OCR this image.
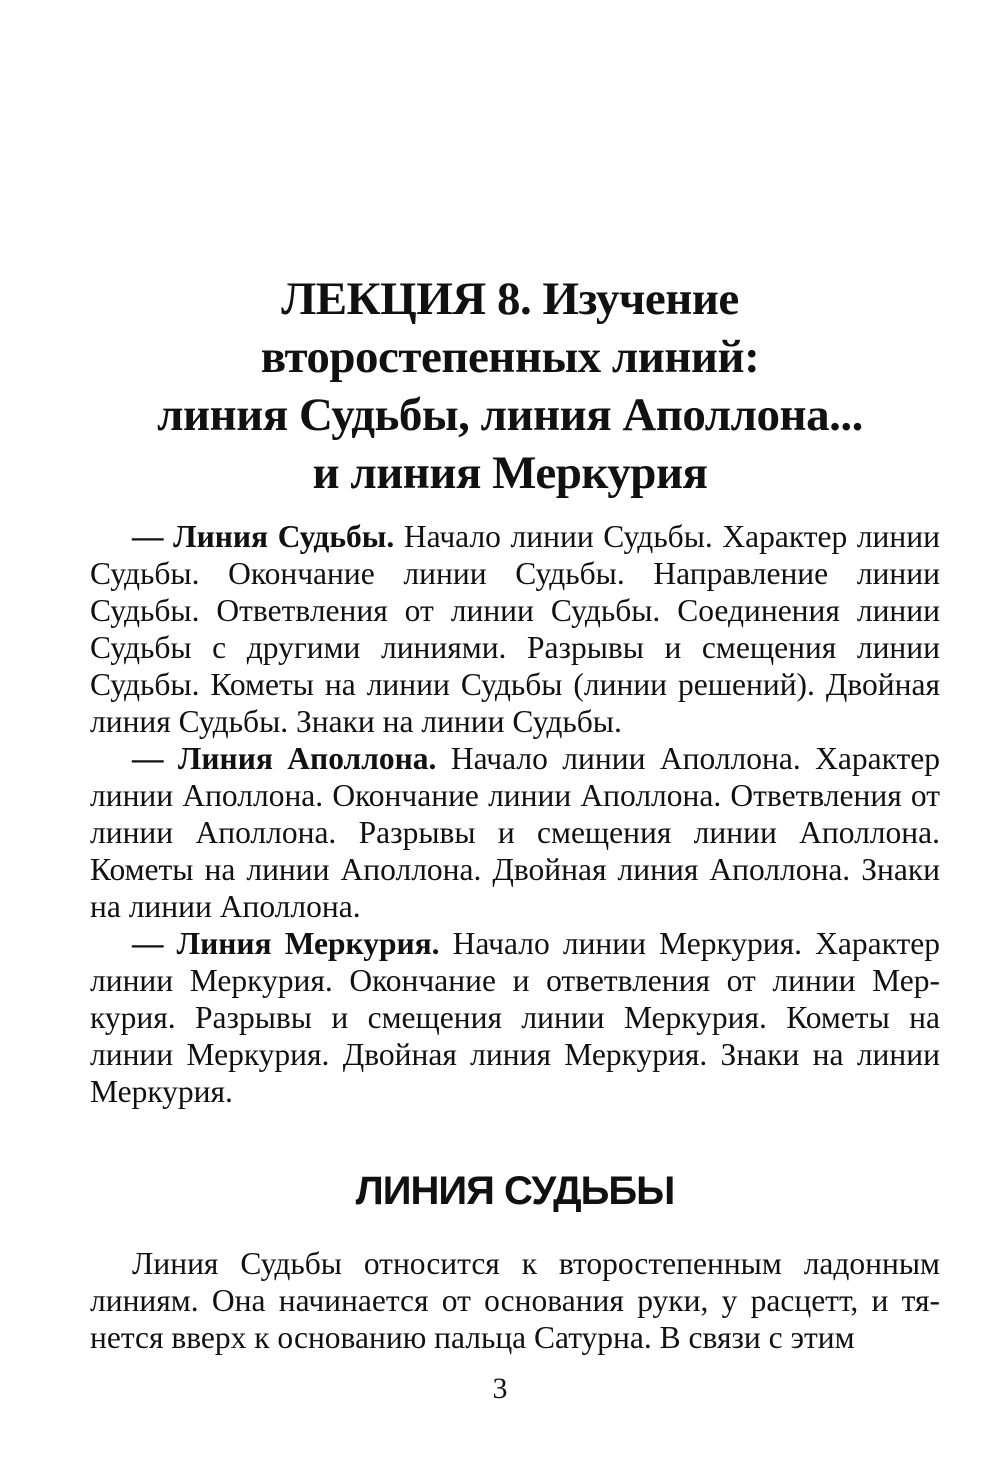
ЛЕКЦИЯ 8. Изучение
второстепенных линий:
линия Судьбы, линия Аполлона...
и линия Меркурия

— Линия Судьбы. Начало линии Судьбы. Характер линии Судьбы. Окончание линии Судьбы. Направление линии Судьбы. Ответвления от линии Судьбы. Соединения линии Судьбы с другими линиями. Разрывы и смещения линии Судьбы. Кометы на линии Судьбы (линии решений). Двойная линия Судьбы. Знаки на линии Судьбы.

— Линия Аполлона. Начало линии Аполлона. Характер линии Аполлона. Окончание линии Аполлона. Ответвления от линии Аполлона. Разрывы и смещения линии Аполлона. Кометы на линии Аполлона. Двойная линия Аполлона. Знаки на линии Аполлона.

— Линия Меркурия. Начало линии Меркурия. Характер линии Меркурия. Окончание и ответвления от линии Меркурия. Разрывы и смещения линии Меркурия. Кометы на линии Меркурия. Двойная линия Меркурия. Знаки на линии Меркурия.

ЛИНИЯ СУДЬБЫ

Линия Судьбы относится к второстепенным ладонным линиям. Она начинается от основания руки, у расцетт, и тянется вверх к основанию пальца Сатурна. В связи с этим

3
